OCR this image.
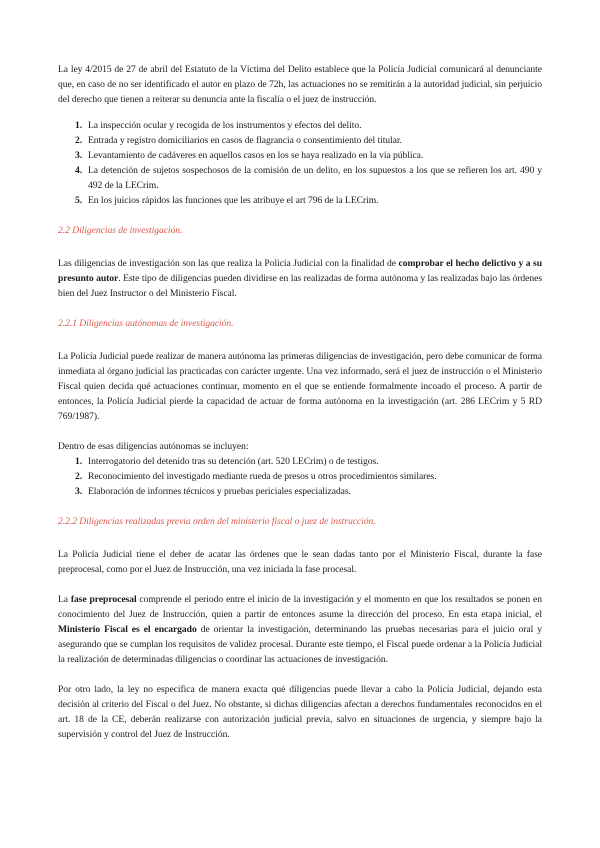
La ley 4/2015 de 27 de abril del Estatuto de la Víctima del Delito establece que la Policía Judicial comunicará al denunciante que, en caso de no ser identificado el autor en plazo de 72h, las actuaciones no se remitirán a la autoridad judicial, sin perjuicio del derecho que tienen a reiterar su denuncia ante la fiscalía o el juez de instrucción.

1. La inspección ocular y recogida de los instrumentos y efectos del delito.
2. Entrada y registro domiciliarios en casos de flagrancia o consentimiento del titular.
3. Levantamiento de cadáveres en aquellos casos en los se haya realizado en la vía pública.
4. La detención de sujetos sospechosos de la comisión de un delito, en los supuestos a los que se refieren los art. 490 y 492 de la LECrim.
5. En los juicios rápidos las funciones que les atribuye el art 796 de la LECrim.

2.2 Diligencias de investigación.

Las diligencias de investigación son las que realiza la Policía Judicial con la finalidad de comprobar el hecho delictivo y a su presunto autor. Este tipo de diligencias pueden dividirse en las realizadas de forma autónoma y las realizadas bajo las órdenes bien del Juez Instructor o del Ministerio Fiscal.

2.2.1 Diligencias autónomas de investigación.

La Policía Judicial puede realizar de manera autónoma las primeras diligencias de investigación, pero debe comunicar de forma inmediata al órgano judicial las practicadas con carácter urgente. Una vez informado, será el juez de instrucción o el Ministerio Fiscal quien decida qué actuaciones continuar, momento en el que se entiende formalmente incoado el proceso. A partir de entonces, la Policía Judicial pierde la capacidad de actuar de forma autónoma en la investigación (art. 286 LECrim y 5 RD 769/1987).

Dentro de esas diligencias autónomas se incluyen:

1. Interrogatorio del detenido tras su detención (art. 520 LECrim) o de testigos.
2. Reconocimiento del investigado mediante rueda de presos u otros procedimientos similares.
3. Elaboración de informes técnicos y pruebas periciales especializadas.

2.2.2 Diligencias realizadas previa orden del ministerio fiscal o juez de instrucción.

La Policía Judicial tiene el deber de acatar las órdenes que le sean dadas tanto por el Ministerio Fiscal, durante la fase preprocesal, como por el Juez de Instrucción, una vez iniciada la fase procesal.

La fase preprocesal comprende el periodo entre el inicio de la investigación y el momento en que los resultados se ponen en conocimiento del Juez de Instrucción, quien a partir de entonces asume la dirección del proceso. En esta etapa inicial, el Ministerio Fiscal es el encargado de orientar la investigación, determinando las pruebas necesarias para el juicio oral y asegurando que se cumplan los requisitos de validez procesal. Durante este tiempo, el Fiscal puede ordenar a la Policía Judicial la realización de determinadas diligencias o coordinar las actuaciones de investigación.

Por otro lado, la ley no especifica de manera exacta qué diligencias puede llevar a cabo la Policía Judicial, dejando esta decisión al criterio del Fiscal o del Juez. No obstante, si dichas diligencias afectan a derechos fundamentales reconocidos en el art. 18 de la CE, deberán realizarse con autorización judicial previa, salvo en situaciones de urgencia, y siempre bajo la supervisión y control del Juez de Instrucción.
